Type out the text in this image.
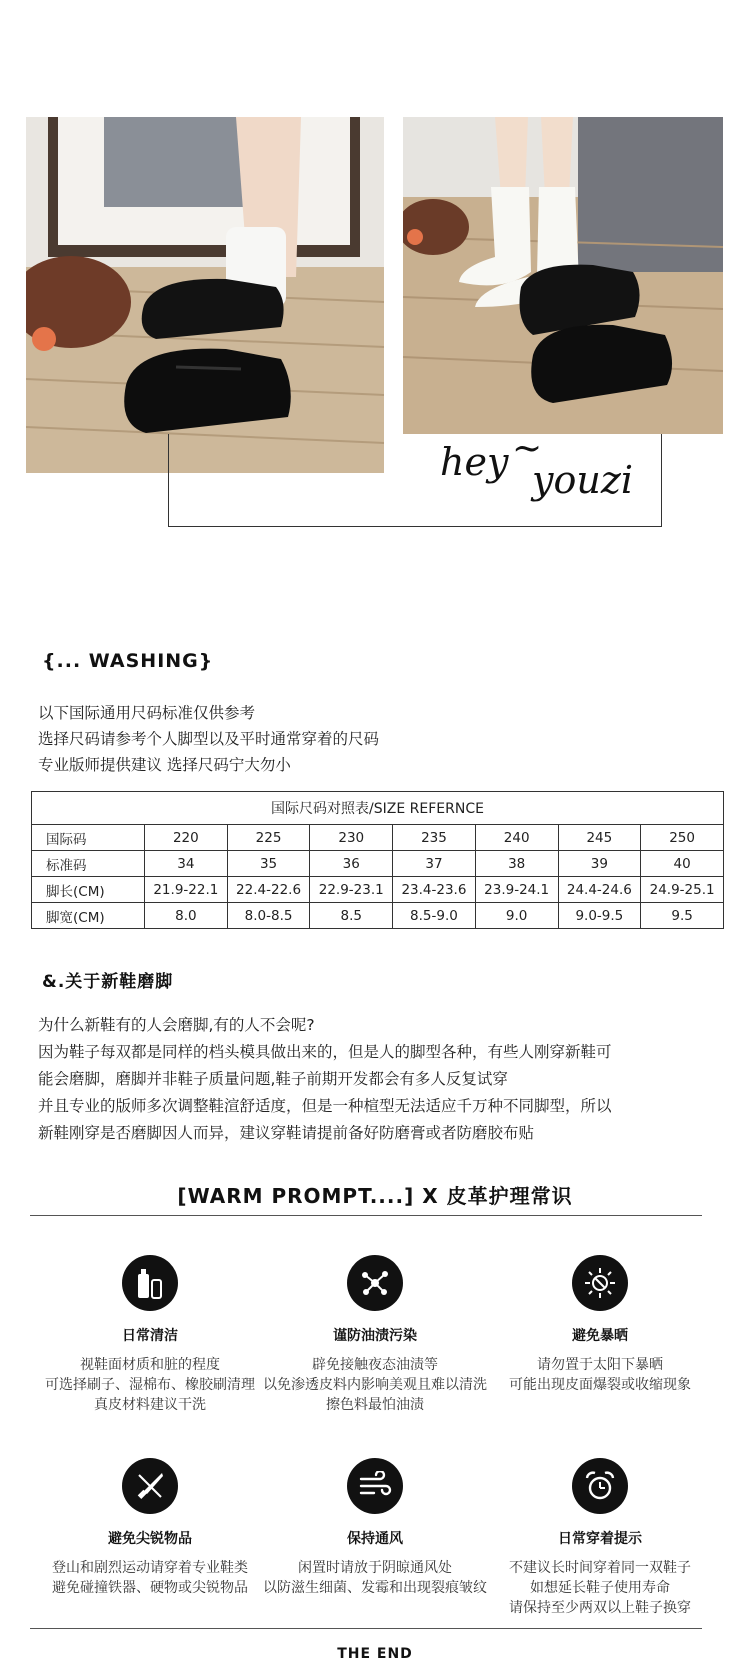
hey ~
youzi
{... WASHING}
以下国际通用尺码标准仅供参考
选择尺码请参考个人脚型以及平时通常穿着的尺码
专业版师提供建议 选择尺码宁大勿小
国际尺码对照表/SIZE REFERNCE							
国际码	220	225	230	235	240	245	250
标准码	34	35	36	37	38	39	40
脚长(CM)	21.9-22.1	22.4-22.6	22.9-23.1	23.4-23.6	23.9-24.1	24.4-24.6	24.9-25.1
脚宽(CM)	8.0	8.0-8.5	8.5	8.5-9.0	9.0	9.0-9.5	9.5
&.关于新鞋磨脚
为什么新鞋有的人会磨脚,有的人不会呢?
因为鞋子每双都是同样的档头模具做出来的，但是人的脚型各种，有些人刚穿新鞋可
能会磨脚，磨脚并非鞋子质量问题,鞋子前期开发都会有多人反复试穿
并且专业的版师多次调整鞋渲舒适度，但是一种楦型无法适应千万种不同脚型，所以
新鞋刚穿是否磨脚因人而异，建议穿鞋请提前备好防磨膏或者防磨胶布贴
[WARM PROMPT....] X 皮革护理常识
日常清洁
视鞋面材质和脏的程度
可选择刷子、湿棉布、橡胶刷清理
真皮材料建议干洗
谨防油渍污染
辟免接触夜态油渍等
以免渗透皮料内影响美观且难以清洗
擦色料最怕油渍
避免暴晒
请勿置于太阳下暴晒
可能出现皮面爆裂或收缩现象
避免尖锐物品
登山和剧烈运动请穿着专业鞋类
避免碰撞铁器、硬物或尖锐物品
保持通风
闲置时请放于阴晾通风处
以防滋生细菌、发霉和出现裂痕皱纹
日常穿着提示
不建议长时间穿着同一双鞋子
如想延长鞋子使用寿命
请保持至少两双以上鞋子换穿
THE END
